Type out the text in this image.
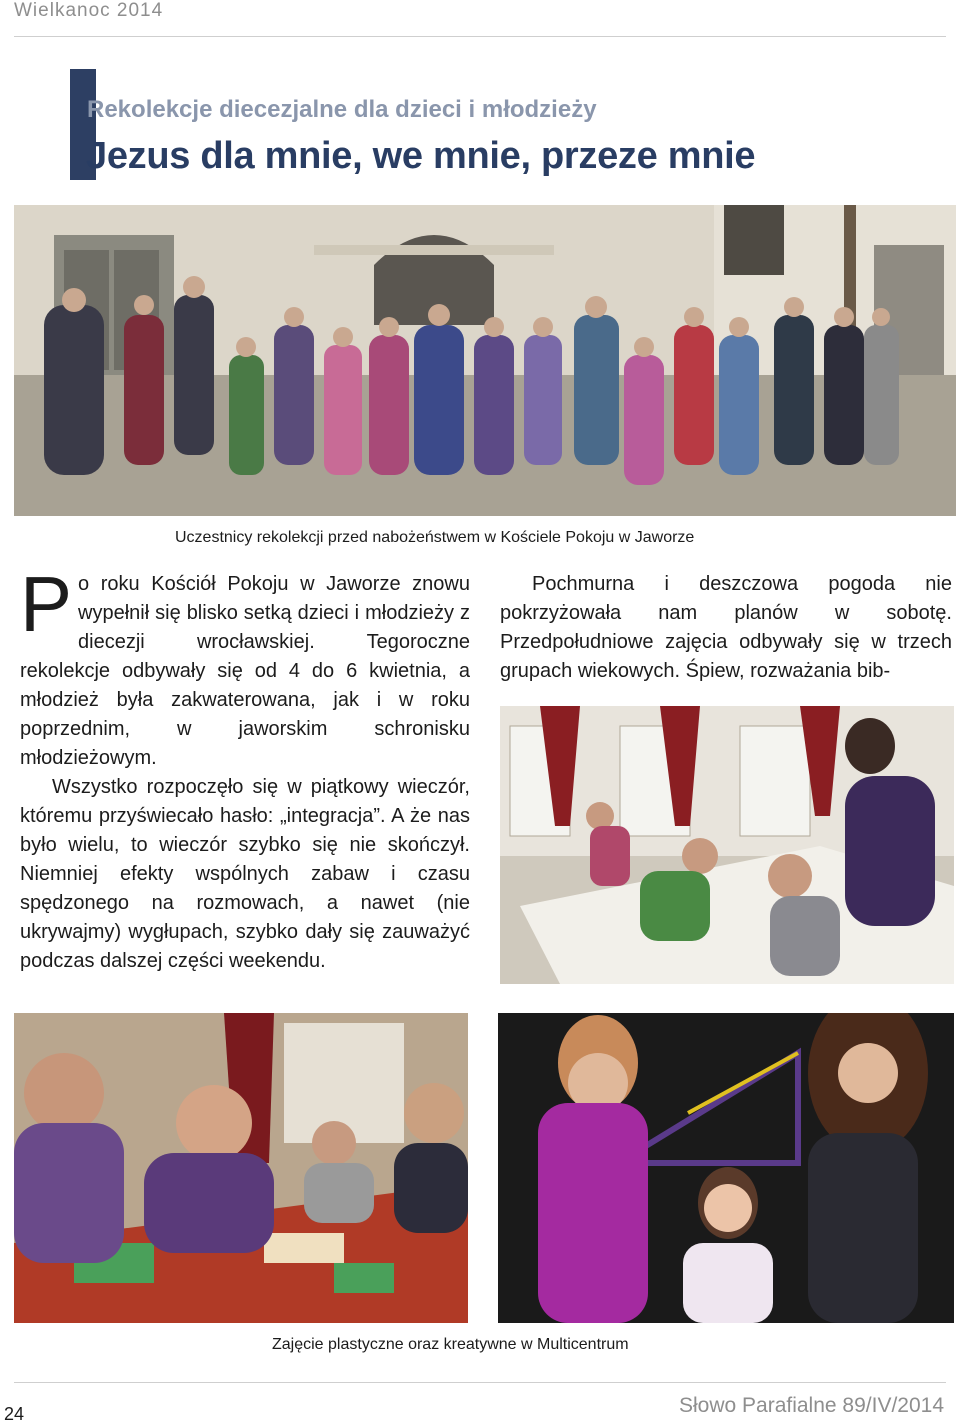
Wielkanoc 2014
Rekolekcje diecezjalne dla dzieci i młodzieży
Jezus dla mnie, we mnie, przeze mnie
Uczestnicy rekolekcji przed nabożeństwem w Kościele Pokoju w Jaworze

Po roku Kościół Pokoju w Jaworze znowu wypełnił się blisko setką dzieci i młodzieży z diecezji wrocławskiej. Tegoroczne rekolekcje odbywały się od 4 do 6 kwietnia, a młodzież była zakwaterowana, jak i w roku poprzednim, w jaworskim schronisku młodzieżowym.

Wszystko rozpoczęło się w piątkowy wieczór, któremu przyświecało hasło: „integracja”. A że nas było wielu, to wieczór szybko się nie skończył. Niemniej efekty wspólnych zabaw i czasu spędzonego na rozmowach, a nawet (nie ukrywajmy) wygłupach, szybko dały się zauważyć podczas dalszej części weekendu.

Pochmurna i deszczowa pogoda nie pokrzyżowała nam planów w sobotę. Przedpołudniowe zajęcia odbywały się w trzech grupach wiekowych. Śpiew, rozważania bib-

Zajęcie plastyczne oraz kreatywne w Multicentrum
24	Słowo Parafialne 89/IV/2014
